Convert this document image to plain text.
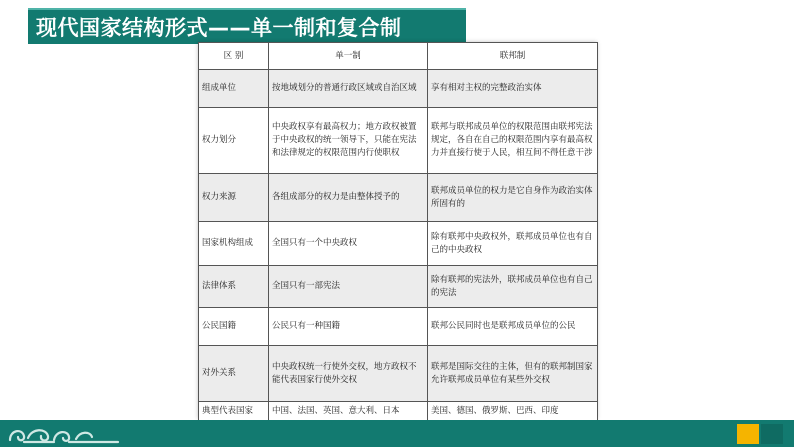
现代国家结构形式——单一制和复合制
区 别	单一制	联邦制
组成单位	按地域划分的普通行政区域或自治区域	享有相对主权的完整政治实体
权力划分	中央政权享有最高权力；地方政权被置于中央政权的统一领导下，只能在宪法和法律规定的权限范围内行使职权	联邦与联邦成员单位的权限范围由联邦宪法规定，各自在自己的权限范围内享有最高权力并直接行使于人民，相互间不得任意干涉
权力来源	各组成部分的权力是由整体授予的	联邦成员单位的权力是它自身作为政治实体所固有的
国家机构组成	全国只有一个中央政权	除有联邦中央政权外，联邦成员单位也有自己的中央政权
法律体系	全国只有一部宪法	除有联邦的宪法外，联邦成员单位也有自己的宪法
公民国籍	公民只有一种国籍	联邦公民同时也是联邦成员单位的公民
对外关系	中央政权统一行使外交权，地方政权不能代表国家行使外交权	联邦是国际交往的主体，但有的联邦制国家允许联邦成员单位有某些外交权
典型代表国家	中国、法国、英国、意大利、日本	美国、德国、俄罗斯、巴西、印度
